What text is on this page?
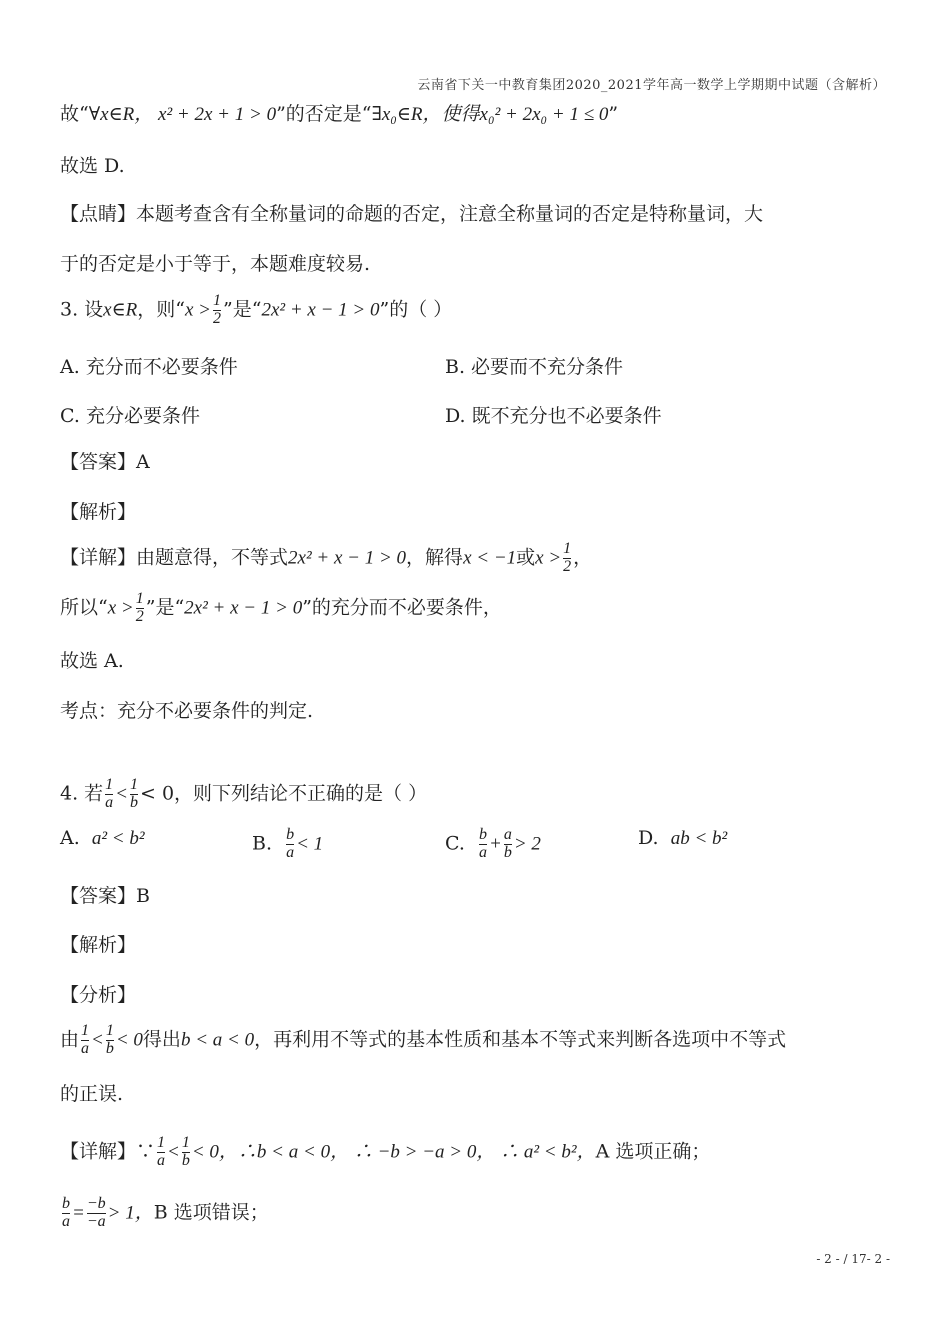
云南省下关一中教育集团2020_2021学年高一数学上学期期中试题（含解析）
故“∀x∈R， x² + 2x + 1 > 0”的否定是“∃x₀∈R，使得x₀² + 2x₀ + 1 ≤ 0”
故选 D.
【点睛】本题考查含有全称量词的命题的否定，注意全称量词的否定是特称量词，大
于的否定是小于等于，本题难度较易.
3. 设x∈R，则“$x > \frac{1}{2}$ ”是“2x² + x − 1 > 0”的（ ）
A. 充分而不必要条件	B. 必要而不充分条件
C. 充分必要条件	D. 既不充分也不必要条件
【答案】A
【解析】
【详解】由题意得，不等式2x² + x − 1 > 0，解得x < −1或$x > \frac{1}{2}$ ，
所以“$x > \frac{1}{2}$ ”是“2x² + x − 1 > 0”的充分而不必要条件，
故选 A.
考点：充分不必要条件的判定.
4. 若 $\frac{1}{a} < \frac{1}{b} < 0$，则下列结论不正确的是（ ）
A. a² < b²	B. $\frac{b}{a} < 1$	C. $\frac{b}{a} + \frac{a}{b} > 2$	D. ab < b²
【答案】B
【解析】
【分析】
由 $\frac{1}{a} < \frac{1}{b} < 0$得出b < a < 0，再利用不等式的基本性质和基本不等式来判断各选项中不等式
的正误.
【详解】∵ $\frac{1}{a} < \frac{1}{b} < 0$，∴b < a < 0， ∴ −b > −a > 0， ∴ a² < b²，A 选项正确；
$\frac{b}{a} = \frac{-b}{-a} > 1$，B 选项错误；
- 2 - / 17- 2 -
